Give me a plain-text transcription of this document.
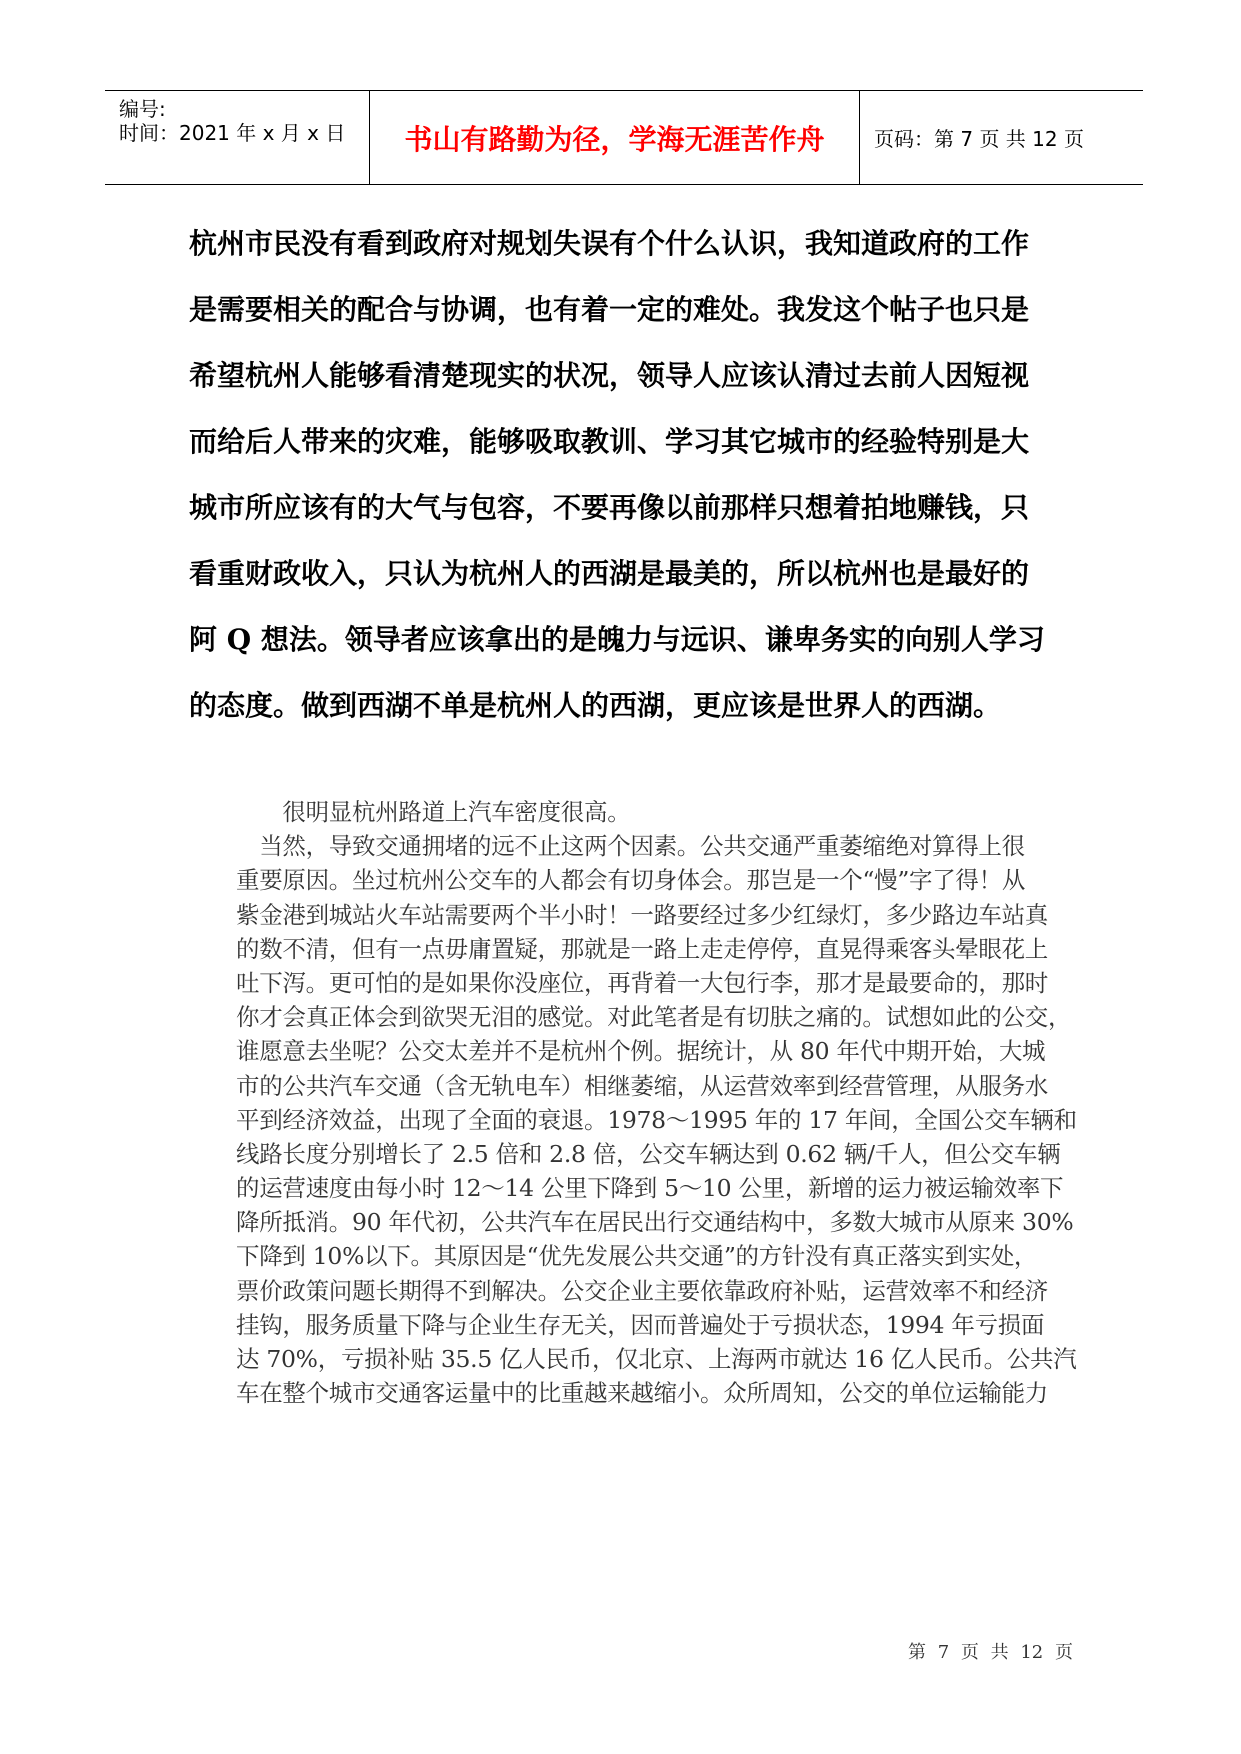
编号:
时间：2021 年 x 月 x 日 书山有路勤为径，学海无涯苦作舟 页码：第 7 页 共 12 页
杭州市民没有看到政府对规划失误有个什么认识，我知道政府的工作
是需要相关的配合与协调，也有着一定的难处。我发这个帖子也只是
希望杭州人能够看清楚现实的状况，领导人应该认清过去前人因短视
而给后人带来的灾难，能够吸取教训、学习其它城市的经验特别是大
城市所应该有的大气与包容，不要再像以前那样只想着拍地赚钱，只
看重财政收入，只认为杭州人的西湖是最美的，所以杭州也是最好的
阿 Q 想法。领导者应该拿出的是魄力与远识、谦卑务实的向别人学习
的态度。做到西湖不单是杭州人的西湖，更应该是世界人的西湖。
　　很明显杭州路道上汽车密度很高。
　当然，导致交通拥堵的远不止这两个因素。公共交通严重萎缩绝对算得上很
重要原因。坐过杭州公交车的人都会有切身体会。那岂是一个“慢”字了得！从
紫金港到城站火车站需要两个半小时！一路要经过多少红绿灯，多少路边车站真
的数不清，但有一点毋庸置疑，那就是一路上走走停停，直晃得乘客头晕眼花上
吐下泻。更可怕的是如果你没座位，再背着一大包行李，那才是最要命的，那时
你才会真正体会到欲哭无泪的感觉。对此笔者是有切肤之痛的。试想如此的公交，
谁愿意去坐呢？公交太差并不是杭州个例。据统计，从 80 年代中期开始，大城
市的公共汽车交通（含无轨电车）相继萎缩，从运营效率到经营管理，从服务水
平到经济效益，出现了全面的衰退。1978～1995 年的 17 年间，全国公交车辆和
线路长度分别增长了 2.5 倍和 2.8 倍，公交车辆达到 0.62 辆/千人，但公交车辆
的运营速度由每小时 12～14 公里下降到 5～10 公里，新增的运力被运输效率下
降所抵消。90 年代初，公共汽车在居民出行交通结构中，多数大城市从原来 30%
下降到 10%以下。其原因是“优先发展公共交通”的方针没有真正落实到实处，
票价政策问题长期得不到解决。公交企业主要依靠政府补贴，运营效率不和经济
挂钩，服务质量下降与企业生存无关，因而普遍处于亏损状态，1994 年亏损面
达 70%，亏损补贴 35.5 亿人民币，仅北京、上海两市就达 16 亿人民币。公共汽
车在整个城市交通客运量中的比重越来越缩小。众所周知，公交的单位运输能力
第 7 页 共 12 页
